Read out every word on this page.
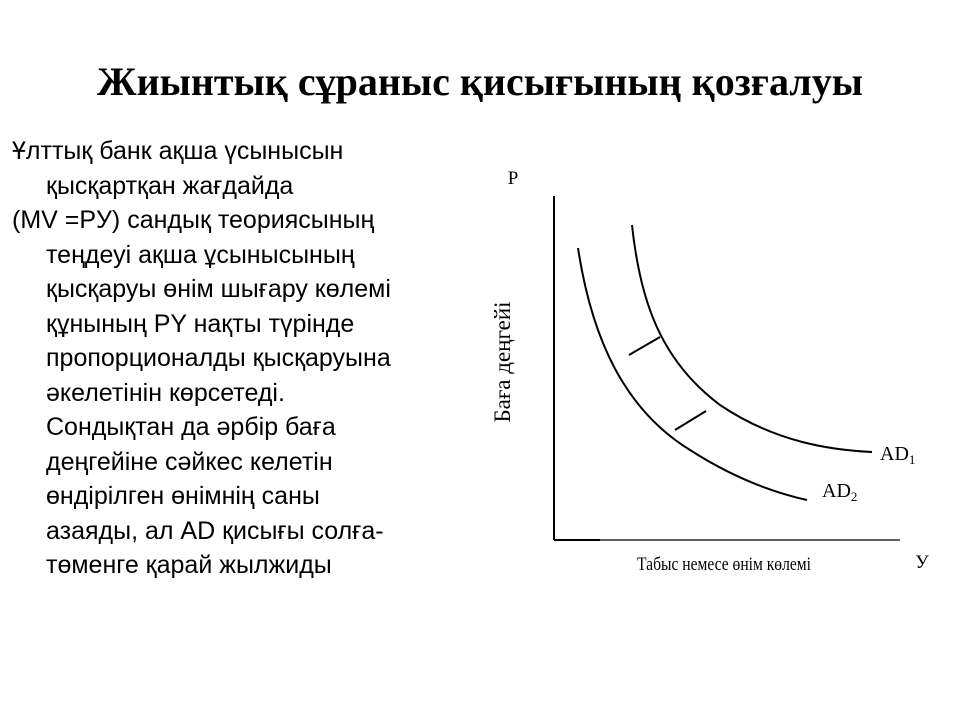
Жиынтық сұраныс қисығының қозғалуы

Ұлттық банк ақша үсынысын
қысқартқан жағдайда

(MV =PУ) сандық теориясының
теңдеуі ақша ұсынысының
қысқаруы өнім шығару көлемі
құнының PY нақты түрінде
пропорционалды қысқаруына
әкелетінін көрсетеді.
Сондықтан да әрбір баға
деңгейіне сәйкес келетін
өндірілген өнімнің саны
азаяды, ал AD қисығы солға-
төменге қарай жылжиды

P
У
Баға деңгейі
Табыс немесе өнім көлемі
$AD_1$
$AD_2$
